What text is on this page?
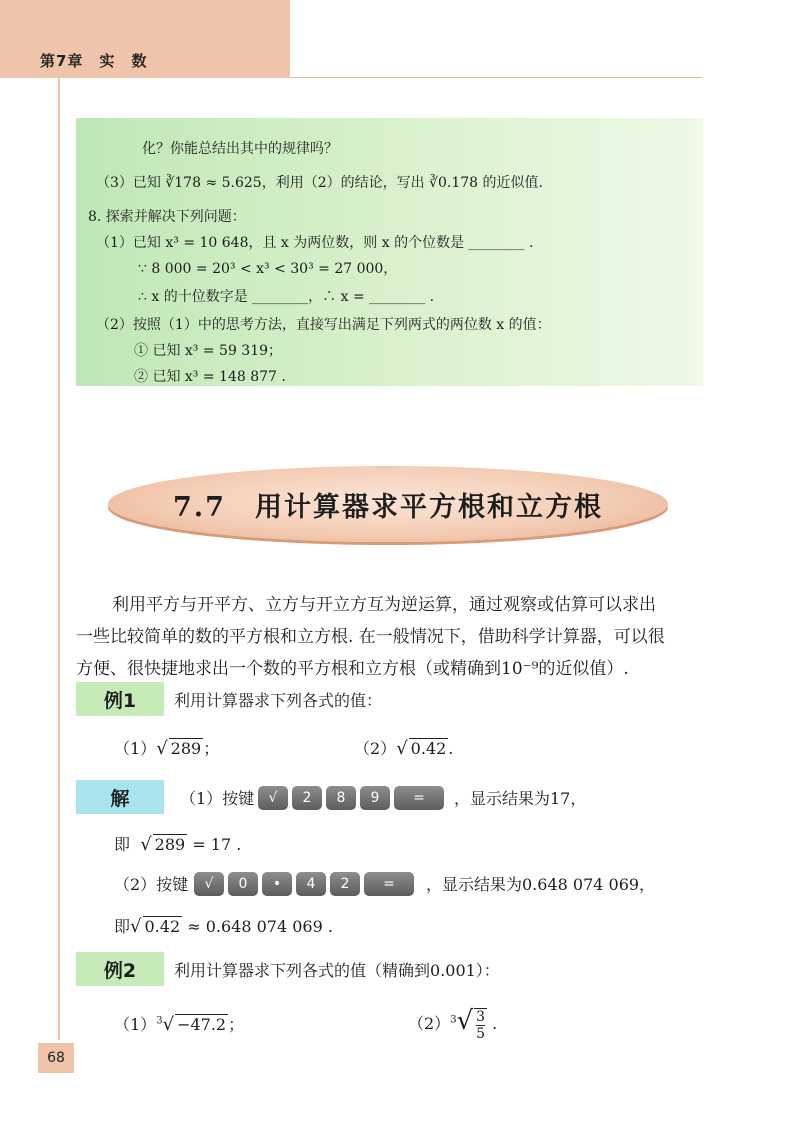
第7章　实　数
化？你能总结出其中的规律吗？
（3）已知 ∛178 ≈ 5.625，利用（2）的结论，写出 ∛0.178 的近似值.
8. 探索并解决下列问题：
（1）已知 x³ = 10 648，且 x 为两位数，则 x 的个位数是 ________ .
∵ 8 000 = 20³ < x³ < 30³ = 27 000，
∴ x 的十位数字是 ________，∴ x = ________ .
（2）按照（1）中的思考方法，直接写出满足下列两式的两位数 x 的值：
① 已知 x³ = 59 319；
② 已知 x³ = 148 877 .
7.7　用计算器求平方根和立方根
利用平方与开平方、立方与开立方互为逆运算，通过观察或估算可以求出
一些比较简单的数的平方根和立方根. 在一般情况下，借助科学计算器，可以很
方便、很快捷地求出一个数的平方根和立方根（或精确到10⁻⁹的近似值）.
例1	利用计算器求下列各式的值：
（1）√ 289 ；	（2）√ 0.42 .
解	（1）按键	√	2	8	9	=	，显示结果为17，
即 √ 289 = 17 .
（2）按键	√	0	•	4	2	=	，显示结果为0.648 074 069，
即√ 0.42 ≈ 0.648 074 069 .
例2	利用计算器求下列各式的值（精确到0.001）：
$(1)^3√ -47.2$ ；	$(2)^3√ \frac{3}{5}$ .
68
